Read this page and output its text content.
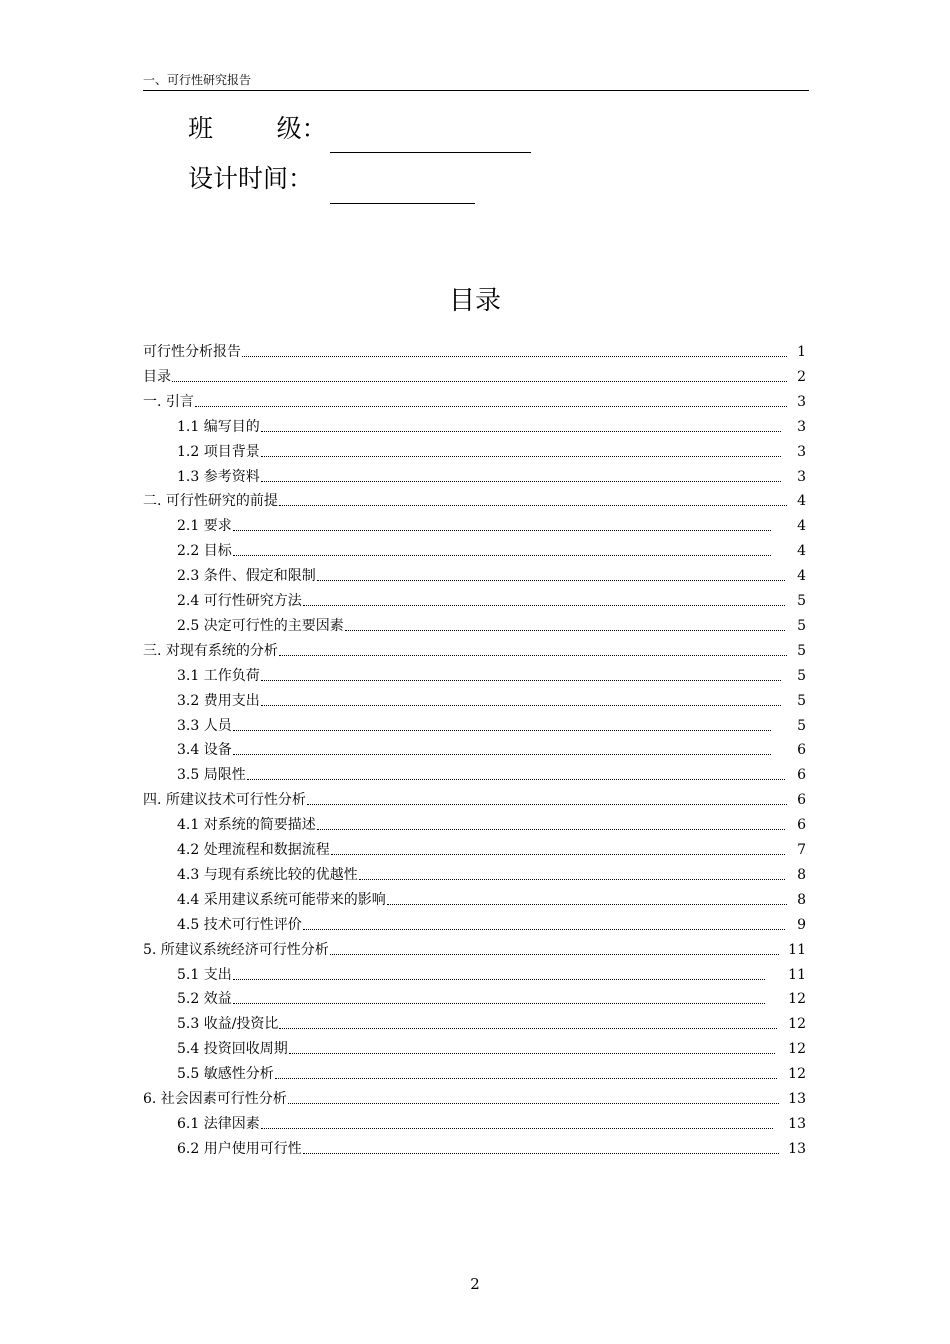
一、可行性研究报告
班        级：
设计时间：
目录
可行性分析报告	1
目录	2
一. 引言	3
1.1 编写目的	3
1.2 项目背景	3
1.3 参考资料	3
二. 可行性研究的前提	4
2.1 要求	4
2.2 目标	4
2.3 条件、假定和限制	4
2.4 可行性研究方法	5
2.5 决定可行性的主要因素	5
三. 对现有系统的分析	5
3.1 工作负荷	5
3.2 费用支出	5
3.3 人员	5
3.4 设备	6
3.5 局限性	6
四. 所建议技术可行性分析	6
4.1 对系统的简要描述	6
4.2 处理流程和数据流程	7
4.3 与现有系统比较的优越性	8
4.4 采用建议系统可能带来的影响	8
4.5 技术可行性评价	9
5. 所建议系统经济可行性分析	11
5.1 支出	11
5.2 效益	12
5.3 收益/投资比	12
5.4 投资回收周期	12
5.5 敏感性分析	12
6. 社会因素可行性分析	13
6.1 法律因素	13
6.2 用户使用可行性	13
2
